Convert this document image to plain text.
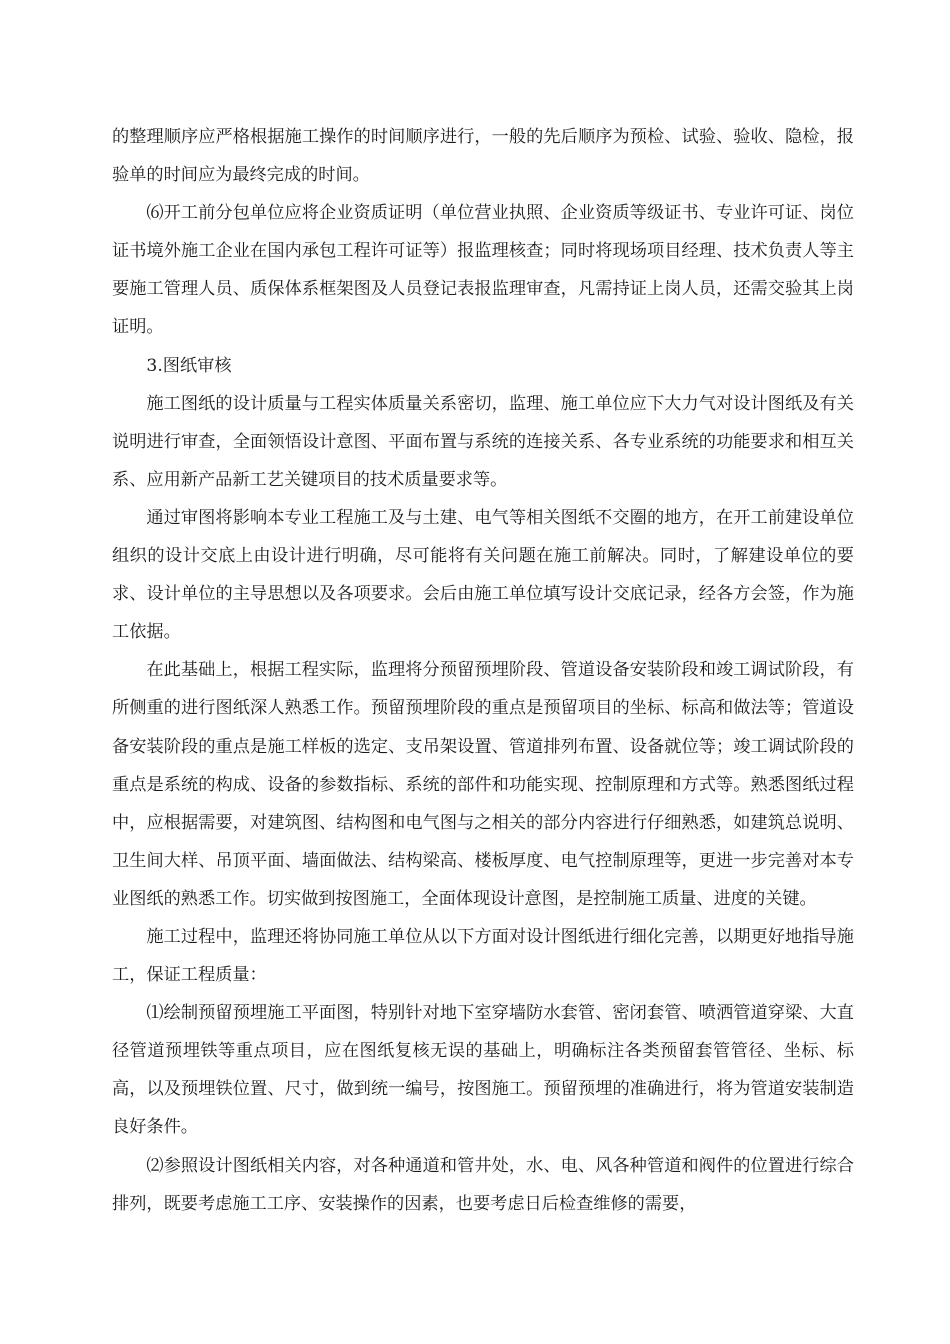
的整理顺序应严格根据施工操作的时间顺序进行，一般的先后顺序为预检、试验、验收、隐检，报验单的时间应为最终完成的时间。

⑹开工前分包单位应将企业资质证明（单位营业执照、企业资质等级证书、专业许可证、岗位证书境外施工企业在国内承包工程许可证等）报监理核查；同时将现场项目经理、技术负责人等主要施工管理人员、质保体系框架图及人员登记表报监理审查，凡需持证上岗人员，还需交验其上岗证明。

3.图纸审核

施工图纸的设计质量与工程实体质量关系密切，监理、施工单位应下大力气对设计图纸及有关说明进行审查，全面领悟设计意图、平面布置与系统的连接关系、各专业系统的功能要求和相互关系、应用新产品新工艺关键项目的技术质量要求等。

通过审图将影响本专业工程施工及与土建、电气等相关图纸不交圈的地方，在开工前建设单位组织的设计交底上由设计进行明确，尽可能将有关问题在施工前解决。同时，了解建设单位的要求、设计单位的主导思想以及各项要求。会后由施工单位填写设计交底记录，经各方会签，作为施工依据。

在此基础上，根据工程实际，监理将分预留预埋阶段、管道设备安装阶段和竣工调试阶段，有所侧重的进行图纸深人熟悉工作。预留预埋阶段的重点是预留项目的坐标、标高和做法等；管道设备安装阶段的重点是施工样板的选定、支吊架设置、管道排列布置、设备就位等；竣工调试阶段的重点是系统的构成、设备的参数指标、系统的部件和功能实现、控制原理和方式等。熟悉图纸过程中，应根据需要，对建筑图、结构图和电气图与之相关的部分内容进行仔细熟悉，如建筑总说明、卫生间大样、吊顶平面、墙面做法、结构梁高、楼板厚度、电气控制原理等，更进一步完善对本专业图纸的熟悉工作。切实做到按图施工，全面体现设计意图，是控制施工质量、进度的关键。

施工过程中，监理还将协同施工单位从以下方面对设计图纸进行细化完善，以期更好地指导施工，保证工程质量：

⑴绘制预留预埋施工平面图，特别针对地下室穿墙防水套管、密闭套管、喷洒管道穿梁、大直径管道预埋铁等重点项目，应在图纸复核无误的基础上，明确标注各类预留套管管径、坐标、标高，以及预埋铁位置、尺寸，做到统一编号，按图施工。预留预埋的准确进行，将为管道安装制造良好条件。

⑵参照设计图纸相关内容，对各种通道和管井处，水、电、风各种管道和阀件的位置进行综合排列，既要考虑施工工序、安装操作的因素，也要考虑日后检查维修的需要，
